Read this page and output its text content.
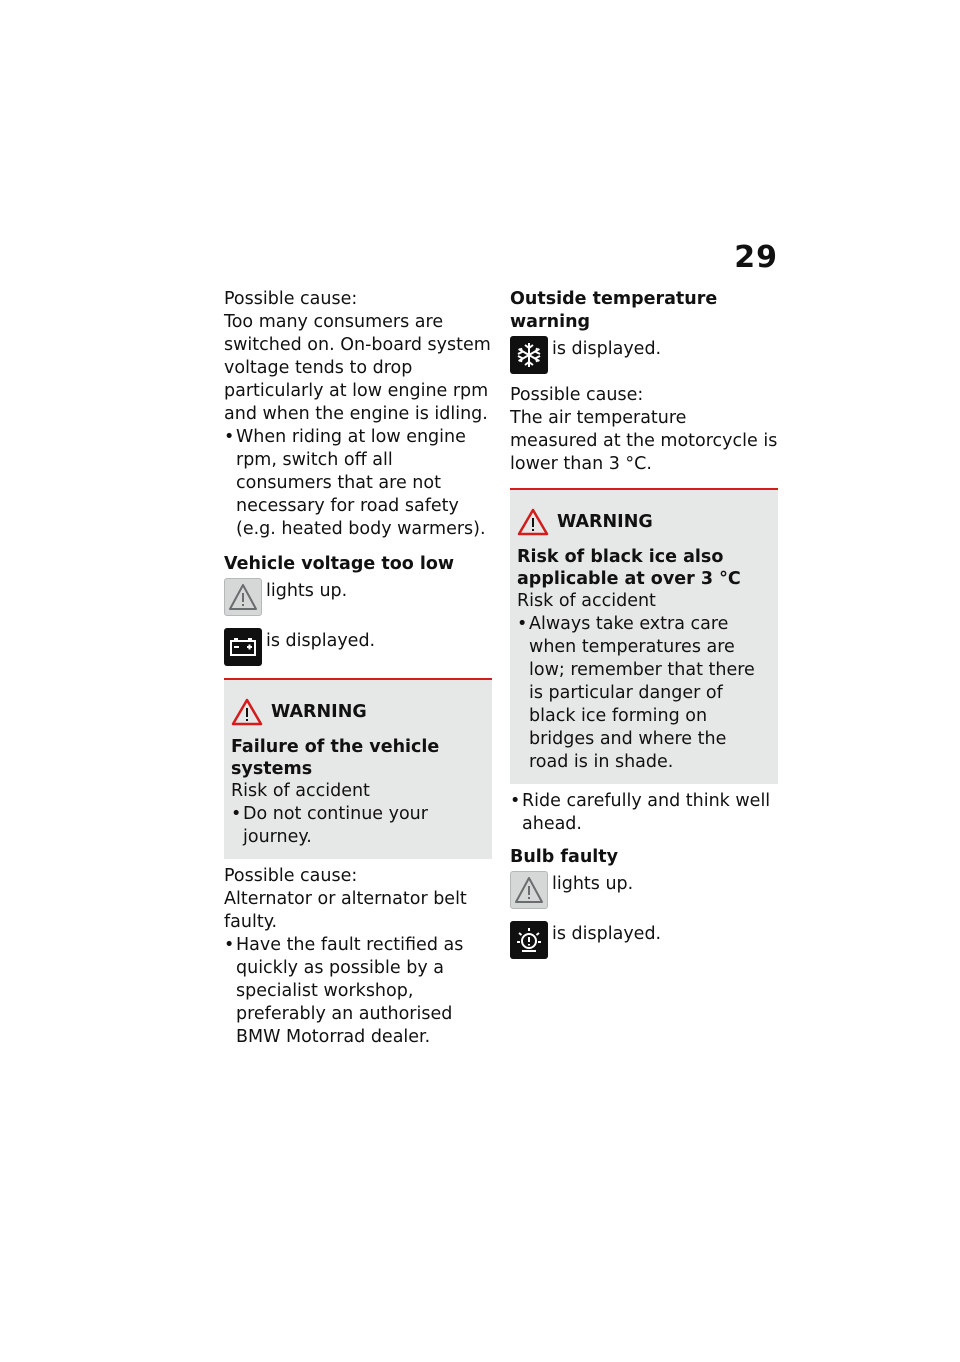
29

Possible cause:

Too many consumers are switched on. On-board system voltage tends to drop particularly at low engine rpm and when the engine is idling.

• When riding at low engine rpm, switch off all consumers that are not necessary for road safety (e.g. heated body warmers).

Vehicle voltage too low

lights up.

is displayed.

WARNING

Failure of the vehicle systems

Risk of accident

• Do not continue your journey.

Possible cause:

Alternator or alternator belt faulty.

• Have the fault rectified as quickly as possible by a specialist workshop, preferably an authorised BMW Motorrad dealer.

Outside temperature warning

is displayed.

Possible cause:

The air temperature measured at the motorcycle is lower than 3 °C.

WARNING

Risk of black ice also applicable at over 3 °C

Risk of accident

• Always take extra care when temperatures are low; remember that there is particular danger of black ice forming on bridges and where the road is in shade.
• Ride carefully and think well ahead.

Bulb faulty

lights up.

is displayed.
